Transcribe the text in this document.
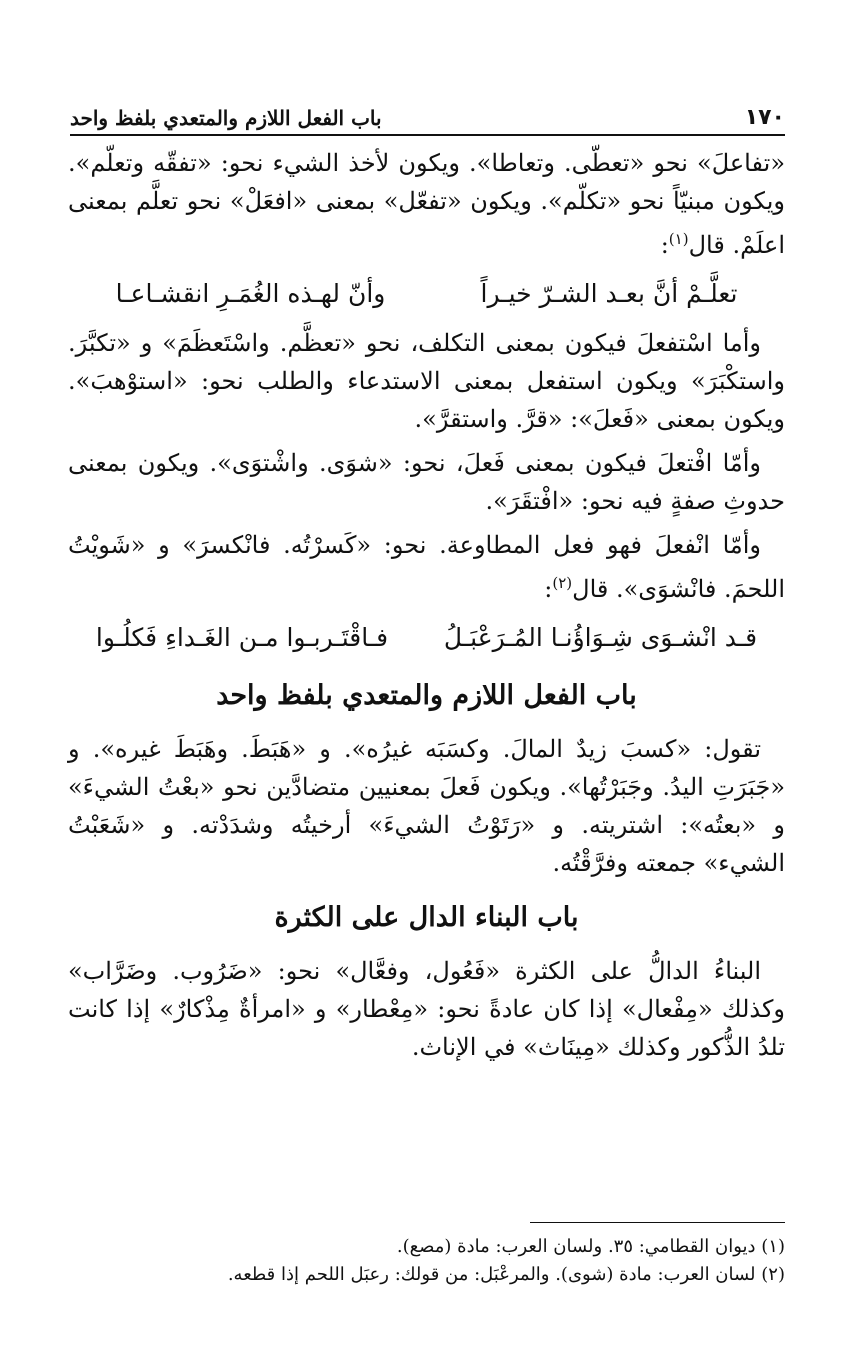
١٧٠
باب الفعل اللازم والمتعدي بلفظ واحد

«تفاعلَ» نحو «تعطّى. وتعاطا». ويكون لأخذ الشيء نحو: «تفقّه وتعلّم». ويكون مبنيّاً نحو «تكلّم». ويكون «تفعّل» بمعنى «افعَلْ» نحو تعلَّم بمعنى اعلَمْ. قال$^{(١)}$:

تعلَّـمْ أنَّ بعـد الشـرّ خيـراً
وأنّ لهـذه الغُمَـرِ انقشـاعـا

وأما اسْتفعلَ فيكون بمعنى التكلف، نحو «تعظَّم. واسْتَعظَمَ» و «تكبَّرَ. واستكْبَرَ» ويكون استفعل بمعنى الاستدعاء والطلب نحو: «استوْهبَ». ويكون بمعنى «فَعلَ»: «قرَّ. واستقرَّ».

وأمّا افْتعلَ فيكون بمعنى فَعلَ، نحو: «شوَى. واشْتوَى». ويكون بمعنى حدوثِ صفةٍ فيه نحو: «افْتقَرَ».

وأمّا انْفعلَ فهو فعل المطاوعة. نحو: «كَسرْتُه. فانْكسرَ» و «شَويْتُ اللحمَ. فانْشوَى». قال$^{(٢)}$:

قـد انْشـوَى شِـوَاؤُنـا المُـرَعْبَـلُ
فـاقْتَـربـوا مـن الغَـداءِ فَكلُـوا
باب الفعل اللازم والمتعدي بلفظ واحد

تقول: «كسبَ زيدٌ المالَ. وكسَبَه غيرُه». و «هَبَطَ. وهَبَطَ غيره». و «جَبَرَتِ اليدُ. وجَبَرْتُها». ويكون فَعلَ بمعنيين متضادَّين نحو «بعْتُ الشيءَ» و «بعتُه»: اشتريته. و «رَتَوْتُ الشيءَ» أرخيتُه وشدَدْته. و «شَعَبْتُ الشيء» جمعته وفرَّقْتُه.

باب البناء الدال على الكثرة

البناءُ الدالُّ على الكثرة «فَعُول، وفعَّال» نحو: «ضَرُوب. وضَرَّاب» وكذلك «مِفْعال» إذا كان عادةً نحو: «مِعْطار» و «امرأةٌ مِذْكارٌ» إذا كانت تلدُ الذُّكور وكذلك «مِينَاث» في الإناث.

(١) ديوان القطامي: ٣٥. ولسان العرب: مادة (مصع).

(٢) لسان العرب: مادة (شوى). والمرعْبَل: من قولك: رعبَل اللحم إذا قطعه.
